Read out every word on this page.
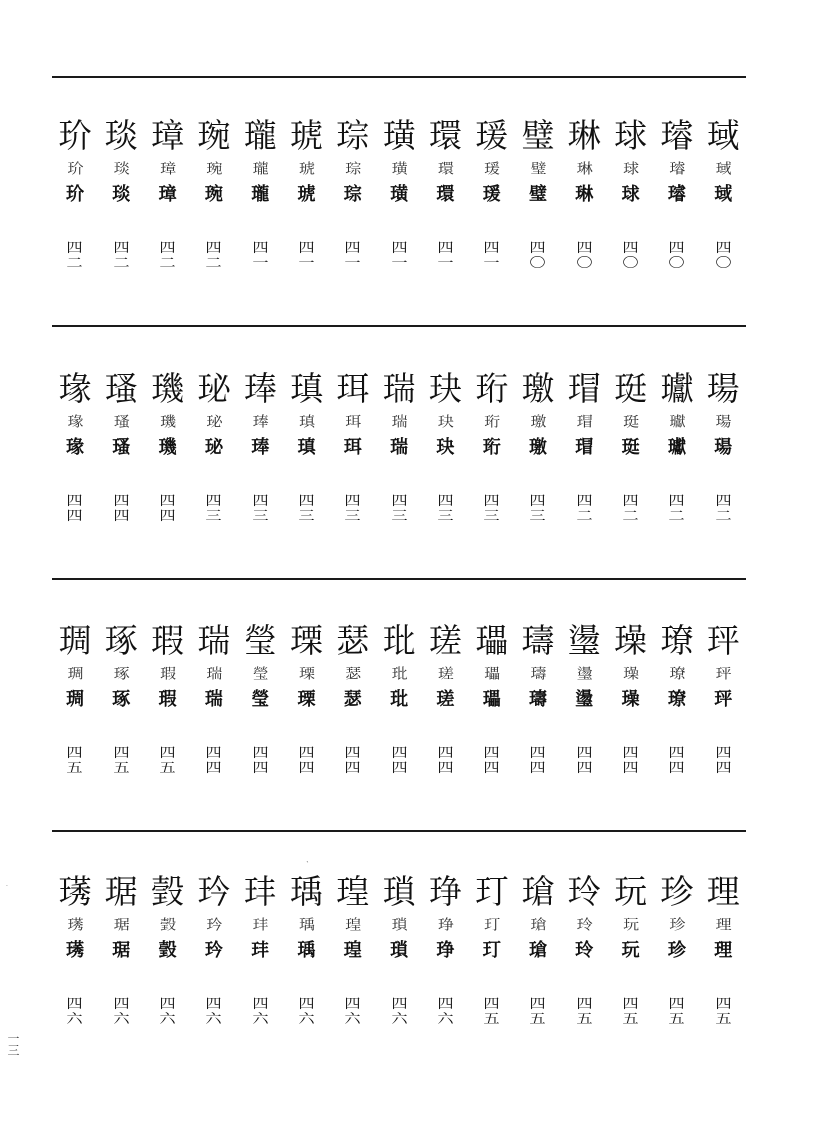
玠
玠
玠
四
二
琰
琰
琰
四
二
璋
璋
璋
四
二
琬
琬
琬
四
二
瓏
瓏
瓏
四
一
琥
琥
琥
四
一
琮
琮
琮
四
一
璜
璜
璜
四
一
環
環
環
四
一
瑗
瑗
瑗
四
一
璧
璧
璧
四
〇
琳
琳
琳
四
〇
球
球
球
四
〇
璿
璿
璿
四
〇
琙
琙
琙
四
〇
瑑
瑑
瑑
四
四
瑵
瑵
瑵
四
四
璣
璣
璣
四
四
珌
珌
珌
四
三
琫
琫
琫
四
三
瑱
瑱
瑱
四
三
珥
珥
珥
四
三
瑞
瑞
瑞
四
三
玦
玦
玦
四
三
珩
珩
珩
四
三
璬
璬
璬
四
三
瑁
瑁
瑁
四
二
珽
珽
珽
四
二
瓛
瓛
瓛
四
二
瑒
瑒
瑒
四
二
琱
琱
琱
四
五
琢
琢
琢
四
五
瑕
瑕
瑕
四
五
瑞
瑞
瑞
四
四
瑩
瑩
瑩
四
四
瑮
瑮
瑮
四
四
瑟
瑟
瑟
四
四
玭
玭
玭
四
四
瑳
瑳
瑳
四
四
瓃
瓃
瓃
四
四
璹
璹
璹
四
四
璗
璗
璗
四
四
璪
璪
璪
四
四
璙
璙
璙
四
四
玶
玶
玶
四
四
璓
璓
璓
四
六
琚
琚
琚
四
六
瑴
瑴
瑴
四
六
玪
玪
玪
四
六
玤
玤
玤
四
六
瑀
瑀
瑀
四
六
瑝
瑝
瑝
四
六
瑣
瑣
瑣
四
六
琤
琤
琤
四
六
玎
玎
玎
四
五
瑲
瑲
瑲
四
五
玲
玲
玲
四
五
玩
玩
玩
四
五
珍
珍
珍
四
五
理
理
理
四
五
`
·
一三
